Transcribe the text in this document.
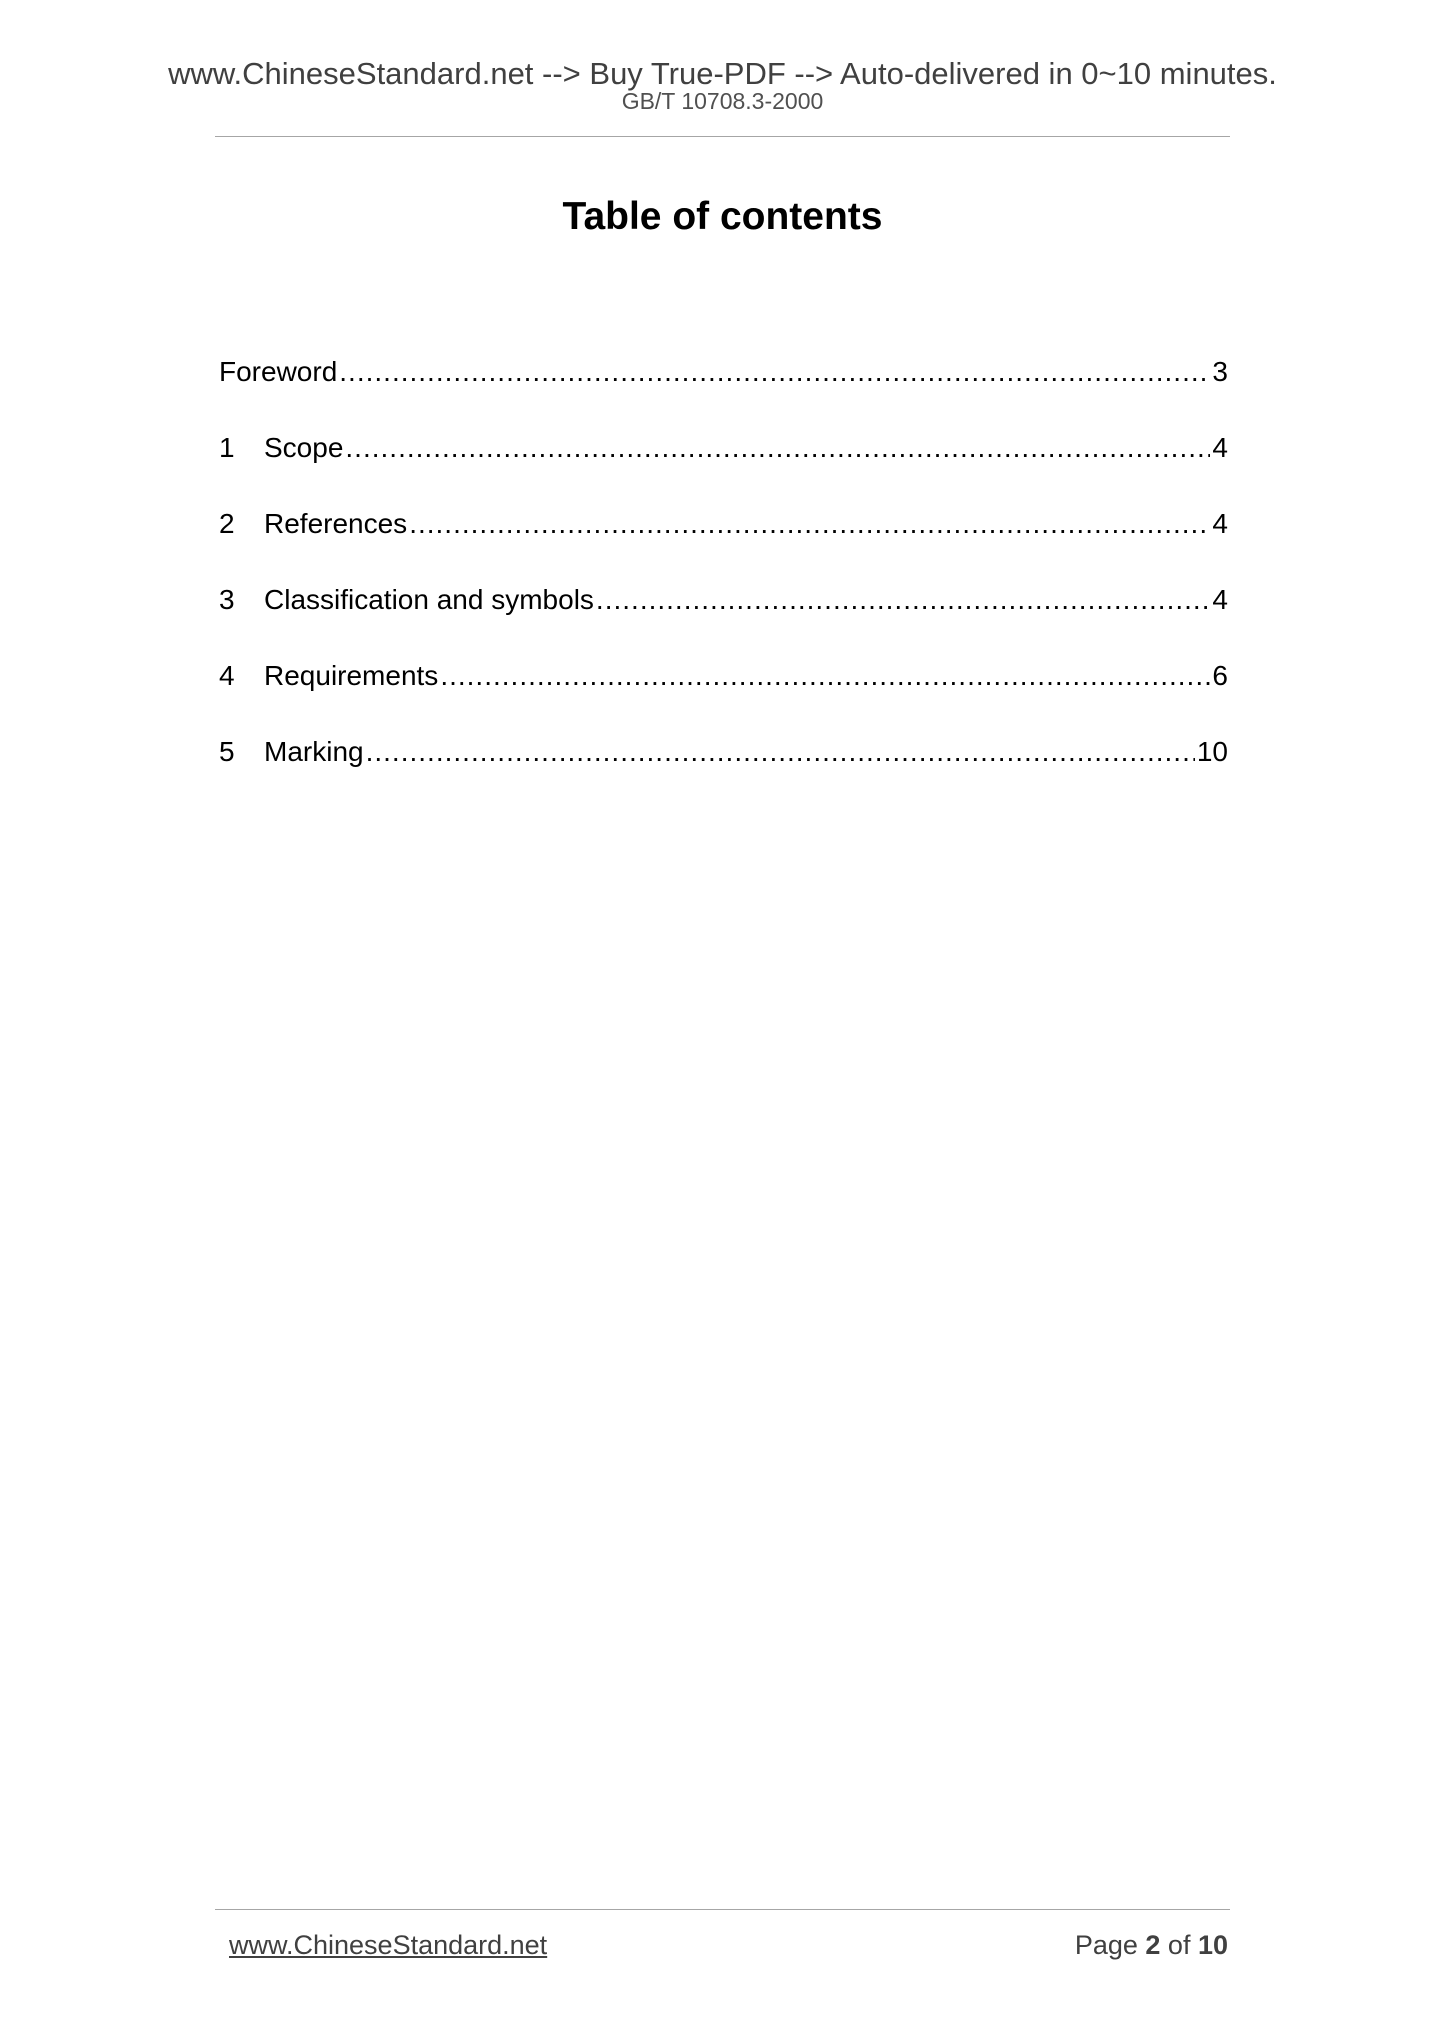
www.ChineseStandard.net --> Buy True-PDF --> Auto-delivered in 0~10 minutes.
GB/T 10708.3-2000
Table of contents
Foreword .....	3
1	Scope .....	4
2	References .....	4
3	Classification and symbols .....	4
4	Requirements .....	6
5	Marking .....	10
www.ChineseStandard.net	Page 2 of 10
